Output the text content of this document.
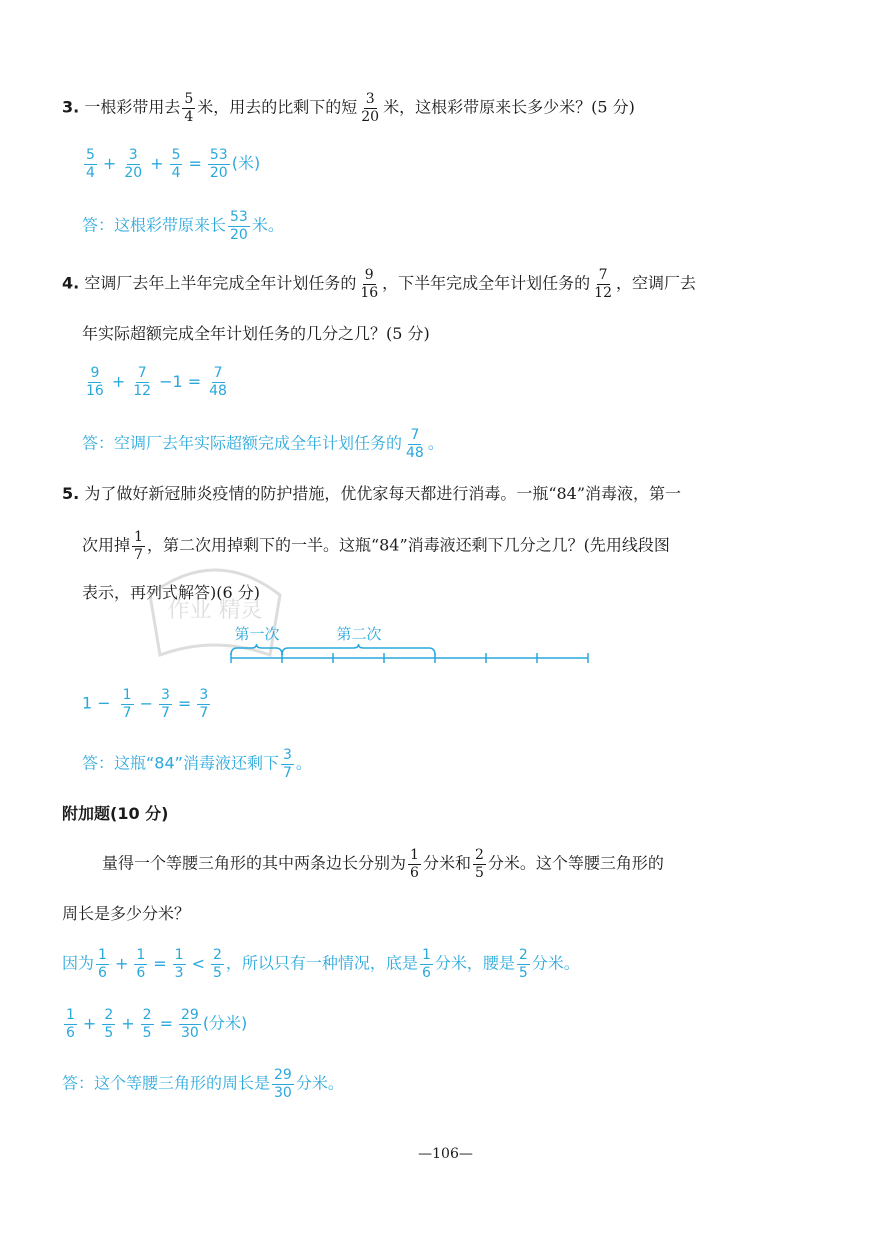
3. 一根彩带用去 $\frac{5}{4}$ 米，用去的比剩下的短 $\frac{3}{20}$ 米，这根彩带原来长多少米？(5 分)
$\frac{5}{4} + \frac{3}{20} + \frac{5}{4} = \frac{53}{20}$ (米)
答：这根彩带原来长 $\frac{53}{20}$ 米。
4. 空调厂去年上半年完成全年计划任务的 $\frac{9}{16}$ ，下半年完成全年计划任务的 $\frac{7}{12}$ ，空调厂去
年实际超额完成全年计划任务的几分之几？(5 分)
$\frac{9}{16} + \frac{7}{12} -1 = \frac{7}{48}$
答：空调厂去年实际超额完成全年计划任务的 $\frac{7}{48}$ 。
5. 为了做好新冠肺炎疫情的防护措施，优优家每天都进行消毒。一瓶“84”消毒液，第一
次用掉 $\frac{1}{7}$ ，第二次用掉剩下的一半。这瓶“84”消毒液还剩下几分之几？(先用线段图
表示，再列式解答)(6 分)
作业 精灵
第一次	第二次
$1 - \frac{1}{7} - \frac{3}{7} = \frac{3}{7}$
答：这瓶“84”消毒液还剩下 $\frac{3}{7}$ 。
附加题(10 分)
量得一个等腰三角形的其中两条边长分别为 $\frac{1}{6}$ 分米和 $\frac{2}{5}$ 分米。这个等腰三角形的
周长是多少分米？
因为 $\frac{1}{6} + \frac{1}{6} = \frac{1}{3} < \frac{2}{5}$ ，所以只有一种情况，底是 $\frac{1}{6}$ 分米，腰是 $\frac{2}{5}$ 分米。
$\frac{1}{6} + \frac{2}{5} + \frac{2}{5} = \frac{29}{30}$ (分米)
答：这个等腰三角形的周长是 $\frac{29}{30}$ 分米。
—106—
